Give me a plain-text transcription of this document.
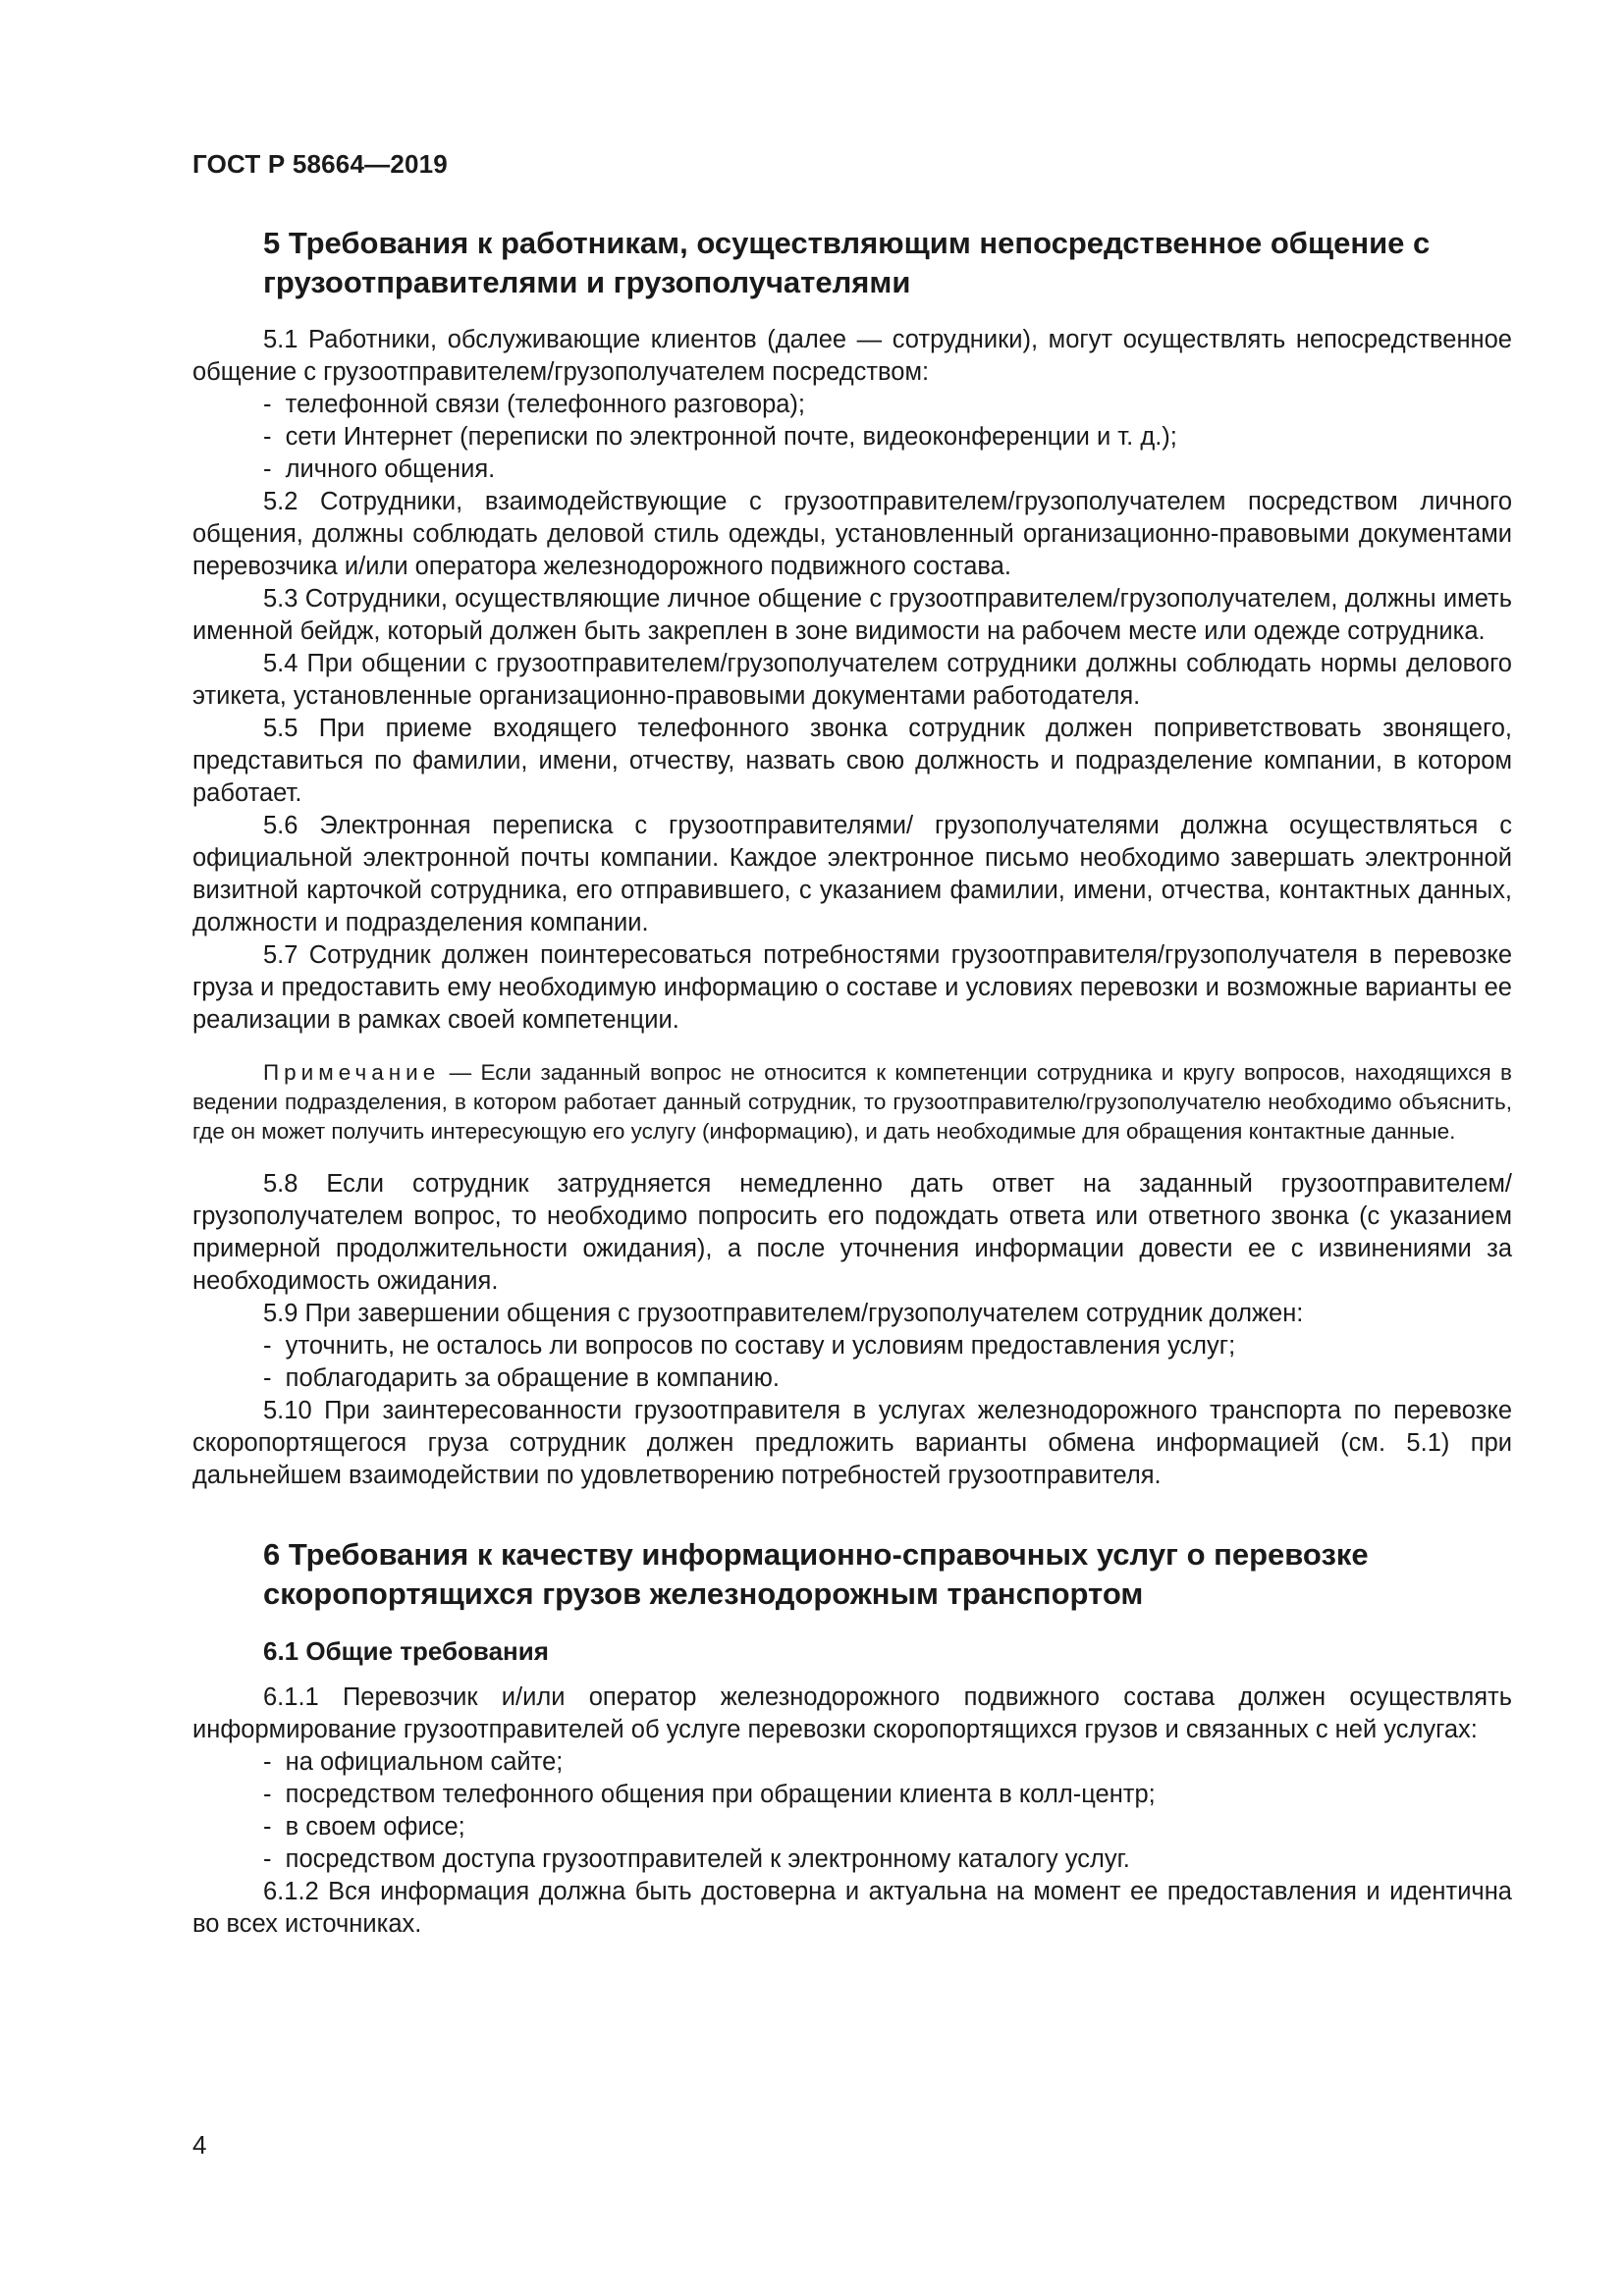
ГОСТ Р 58664—2019
5 Требования к работникам, осуществляющим непосредственное общение с грузоотправителями и грузополучателями

5.1 Работники, обслуживающие клиентов (далее — сотрудники), могут осуществлять непосредственное общение с грузоотправителем/грузополучателем посредством:

-  телефонной связи (телефонного разговора);

-  сети Интернет (переписки по электронной почте, видеоконференции и т. д.);

-  личного общения.

5.2 Сотрудники, взаимодействующие с грузоотправителем/грузополучателем посредством личного общения, должны соблюдать деловой стиль одежды, установленный организационно-правовыми документами перевозчика и/или оператора железнодорожного подвижного состава.

5.3 Сотрудники, осуществляющие личное общение с грузоотправителем/грузополучателем, должны иметь именной бейдж, который должен быть закреплен в зоне видимости на рабочем месте или одежде сотрудника.

5.4 При общении с грузоотправителем/грузополучателем сотрудники должны соблюдать нормы делового этикета, установленные организационно-правовыми документами работодателя.

5.5 При приеме входящего телефонного звонка сотрудник должен поприветствовать звонящего, представиться по фамилии, имени, отчеству, назвать свою должность и подразделение компании, в котором работает.

5.6 Электронная переписка с грузоотправителями/ грузополучателями должна осуществляться с официальной электронной почты компании. Каждое электронное письмо необходимо завершать электронной визитной карточкой сотрудника, его отправившего, с указанием фамилии, имени, отчества, контактных данных, должности и подразделения компании.

5.7 Сотрудник должен поинтересоваться потребностями грузоотправителя/грузополучателя в перевозке груза и предоставить ему необходимую информацию о составе и условиях перевозки и возможные варианты ее реализации в рамках своей компетенции.

Примечание — Если заданный вопрос не относится к компетенции сотрудника и кругу вопросов, находящихся в ведении подразделения, в котором работает данный сотрудник, то грузоотправителю/грузополучателю необходимо объяснить, где он может получить интересующую его услугу (информацию), и дать необходимые для обращения контактные данные.

5.8 Если сотрудник затрудняется немедленно дать ответ на заданный грузоотправителем/грузополучателем вопрос, то необходимо попросить его подождать ответа или ответного звонка (с указанием примерной продолжительности ожидания), а после уточнения информации довести ее с извинениями за необходимость ожидания.

5.9 При завершении общения с грузоотправителем/грузополучателем сотрудник должен:

-  уточнить, не осталось ли вопросов по составу и условиям предоставления услуг;

-  поблагодарить за обращение в компанию.

5.10 При заинтересованности грузоотправителя в услугах железнодорожного транспорта по перевозке скоропортящегося груза сотрудник должен предложить варианты обмена информацией (см. 5.1) при дальнейшем взаимодействии по удовлетворению потребностей грузоотправителя.

6 Требования к качеству информационно-справочных услуг о перевозке скоропортящихся грузов железнодорожным транспортом
6.1 Общие требования

6.1.1 Перевозчик и/или оператор железнодорожного подвижного состава должен осуществлять информирование грузоотправителей об услуге перевозки скоропортящихся грузов и связанных с ней услугах:

-  на официальном сайте;

-  посредством телефонного общения при обращении клиента в колл-центр;

-  в своем офисе;

-  посредством доступа грузоотправителей к электронному каталогу услуг.

6.1.2 Вся информация должна быть достоверна и актуальна на момент ее предоставления и идентична во всех источниках.

4
